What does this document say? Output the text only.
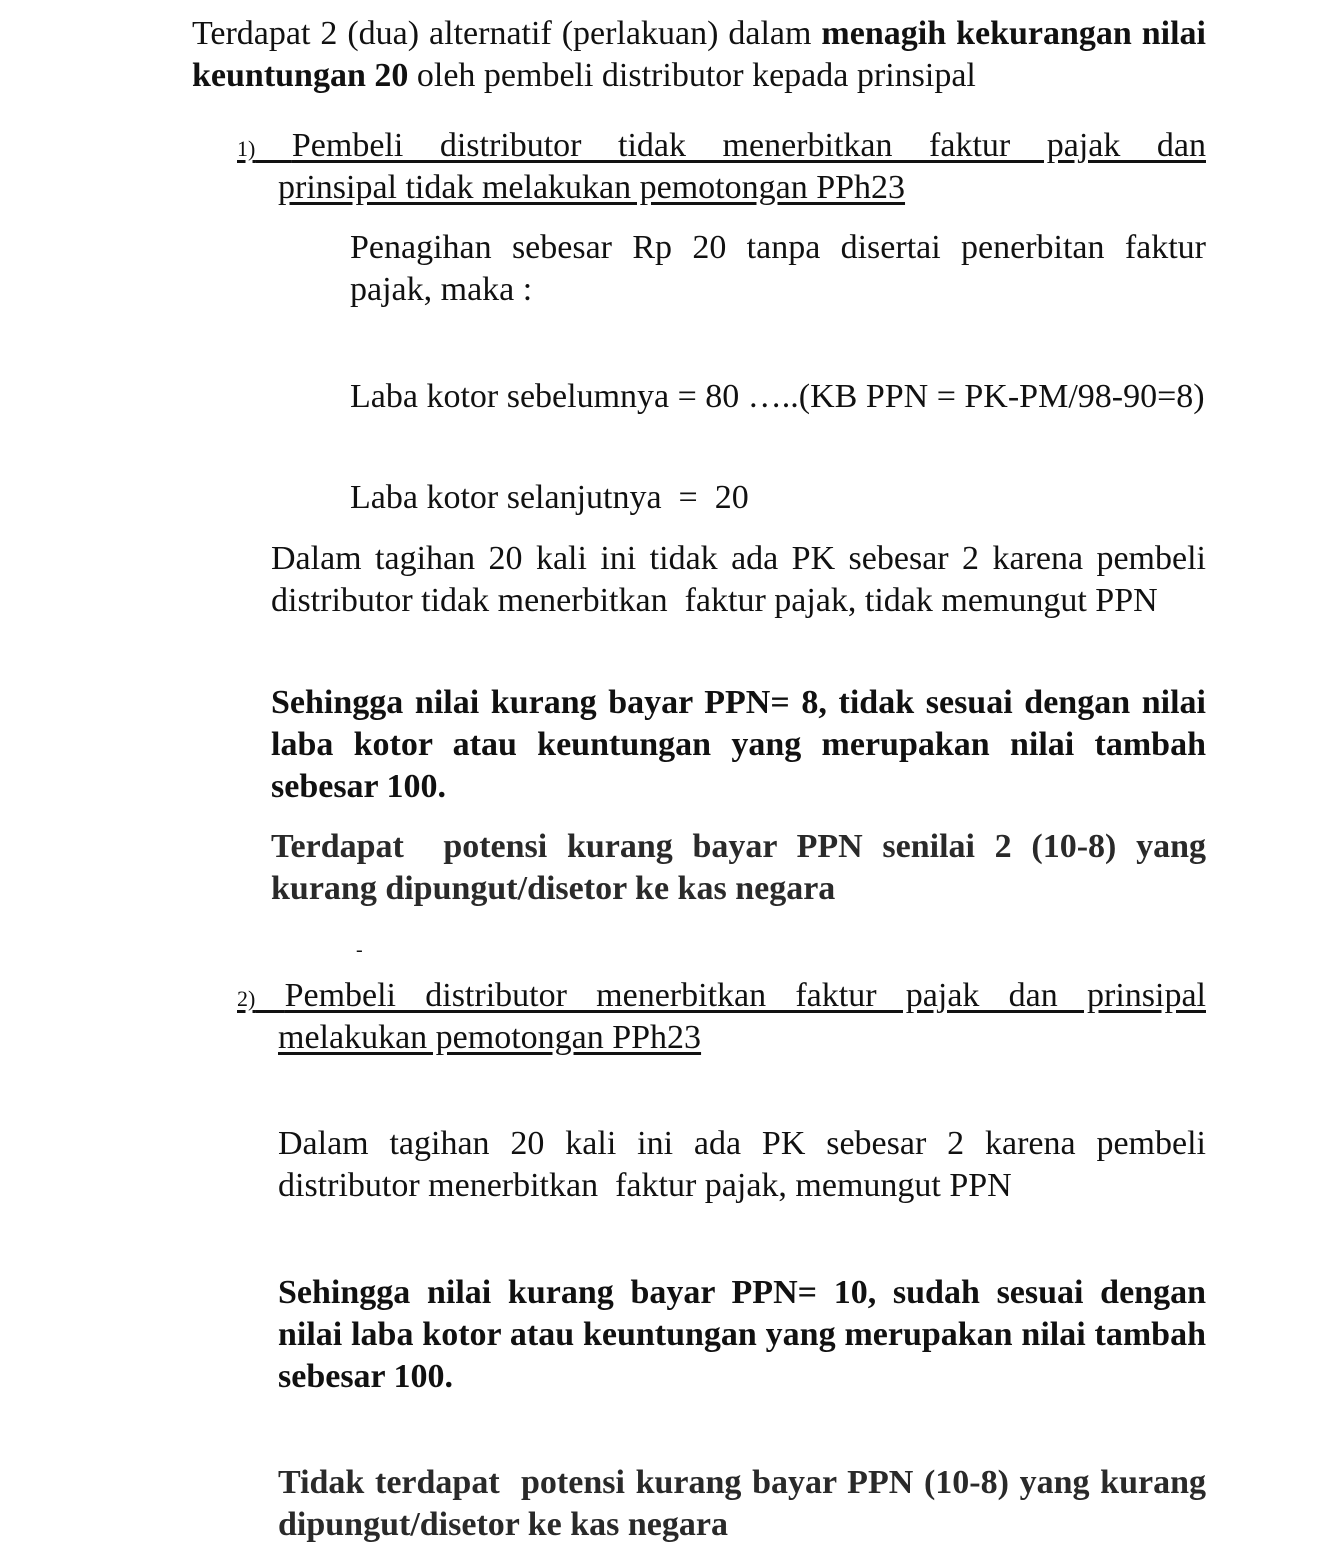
Terdapat 2 (dua) alternatif (perlakuan) dalam menagih kekurangan nilai keuntungan 20 oleh pembeli distributor kepada prinsipal

1) Pembeli distributor tidak menerbitkan faktur pajak dan
prinsipal tidak melakukan pemotongan PPh23

Penagihan sebesar Rp 20 tanpa disertai penerbitan faktur pajak, maka :

Laba kotor sebelumnya = 80 …..(KB PPN = PK-PM/98-90=8)

Laba kotor selanjutnya  =  20

Dalam tagihan 20 kali ini tidak ada PK sebesar 2 karena pembeli distributor tidak menerbitkan  faktur pajak, tidak memungut PPN

Sehingga nilai kurang bayar PPN= 8, tidak sesuai dengan nilai laba kotor atau keuntungan yang merupakan nilai tambah sebesar 100.

Terdapat  potensi kurang bayar PPN senilai 2 (10-8) yang kurang dipungut/disetor ke kas negara

-
2) Pembeli distributor menerbitkan faktur pajak dan prinsipal
melakukan pemotongan PPh23

Dalam tagihan 20 kali ini ada PK sebesar 2 karena pembeli distributor menerbitkan  faktur pajak, memungut PPN

Sehingga nilai kurang bayar PPN= 10, sudah sesuai dengan nilai laba kotor atau keuntungan yang merupakan nilai tambah sebesar 100.

Tidak terdapat  potensi kurang bayar PPN (10-8) yang kurang dipungut/disetor ke kas negara
